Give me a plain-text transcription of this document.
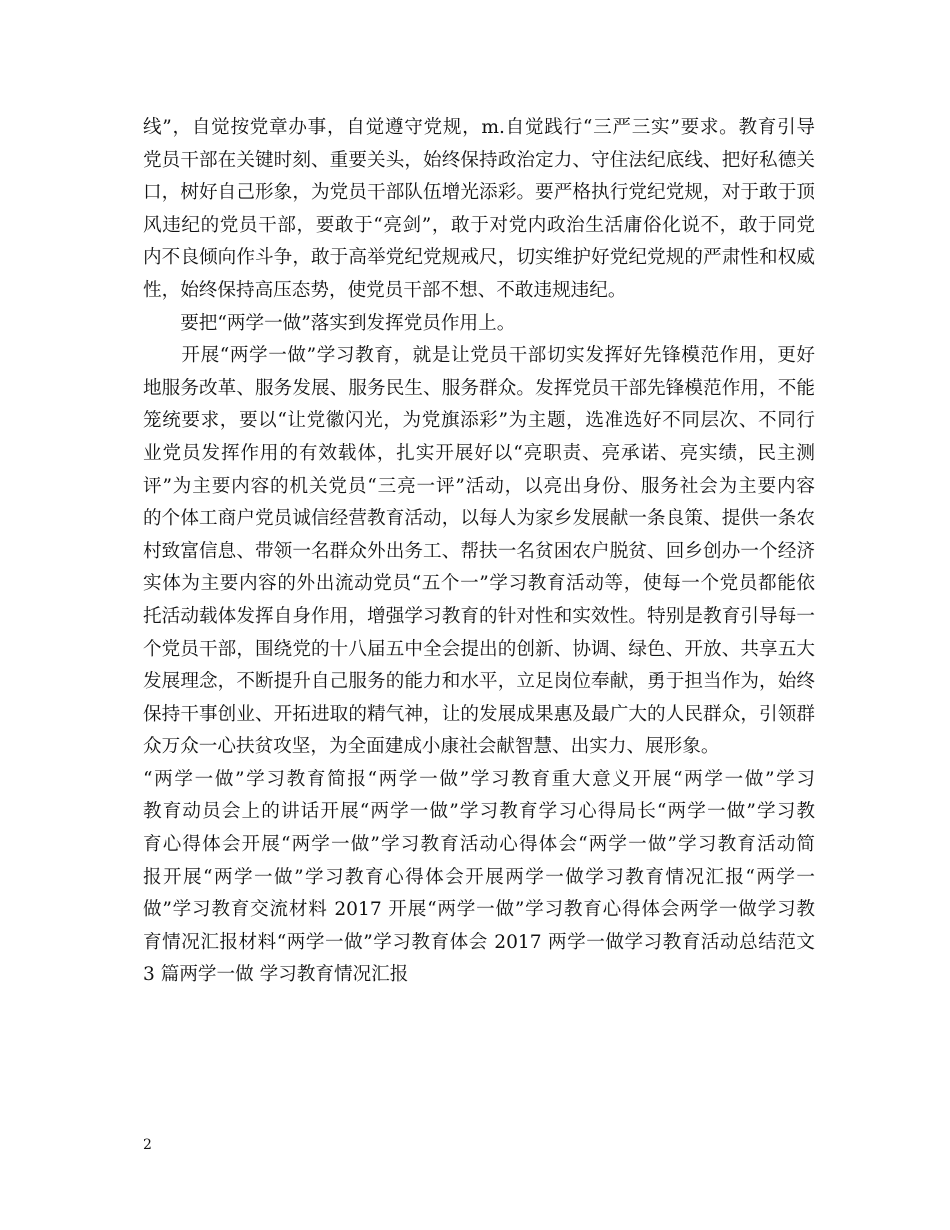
线”，自觉按党章办事，自觉遵守党规，m.自觉践行“三严三实”要求。教育引导
党员干部在关键时刻、重要关头，始终保持政治定力、守住法纪底线、把好私德关
口，树好自己形象，为党员干部队伍增光添彩。要严格执行党纪党规，对于敢于顶
风违纪的党员干部，要敢于“亮剑”，敢于对党内政治生活庸俗化说不，敢于同党
内不良倾向作斗争，敢于高举党纪党规戒尺，切实维护好党纪党规的严肃性和权威
性，始终保持高压态势，使党员干部不想、不敢违规违纪。
　　要把“两学一做”落实到发挥党员作用上。
　　开展“两学一做”学习教育，就是让党员干部切实发挥好先锋模范作用，更好
地服务改革、服务发展、服务民生、服务群众。发挥党员干部先锋模范作用，不能
笼统要求，要以“让党徽闪光，为党旗添彩”为主题，选准选好不同层次、不同行
业党员发挥作用的有效载体，扎实开展好以“亮职责、亮承诺、亮实绩，民主测
评”为主要内容的机关党员“三亮一评”活动，以亮出身份、服务社会为主要内容
的个体工商户党员诚信经营教育活动，以每人为家乡发展献一条良策、提供一条农
村致富信息、带领一名群众外出务工、帮扶一名贫困农户脱贫、回乡创办一个经济
实体为主要内容的外出流动党员“五个一”学习教育活动等，使每一个党员都能依
托活动载体发挥自身作用，增强学习教育的针对性和实效性。特别是教育引导每一
个党员干部，围绕党的十八届五中全会提出的创新、协调、绿色、开放、共享五大
发展理念，不断提升自己服务的能力和水平，立足岗位奉献，勇于担当作为，始终
保持干事创业、开拓进取的精气神，让的发展成果惠及最广大的人民群众，引领群
众万众一心扶贫攻坚，为全面建成小康社会献智慧、出实力、展形象。
“两学一做”学习教育简报“两学一做”学习教育重大意义开展“两学一做”学习
教育动员会上的讲话开展“两学一做”学习教育学习心得局长“两学一做”学习教
育心得体会开展“两学一做”学习教育活动心得体会“两学一做”学习教育活动简
报开展“两学一做”学习教育心得体会开展两学一做学习教育情况汇报“两学一
做”学习教育交流材料 2017 开展“两学一做”学习教育心得体会两学一做学习教
育情况汇报材料“两学一做”学习教育体会 2017 两学一做学习教育活动总结范文
3 篇两学一做 学习教育情况汇报
2
